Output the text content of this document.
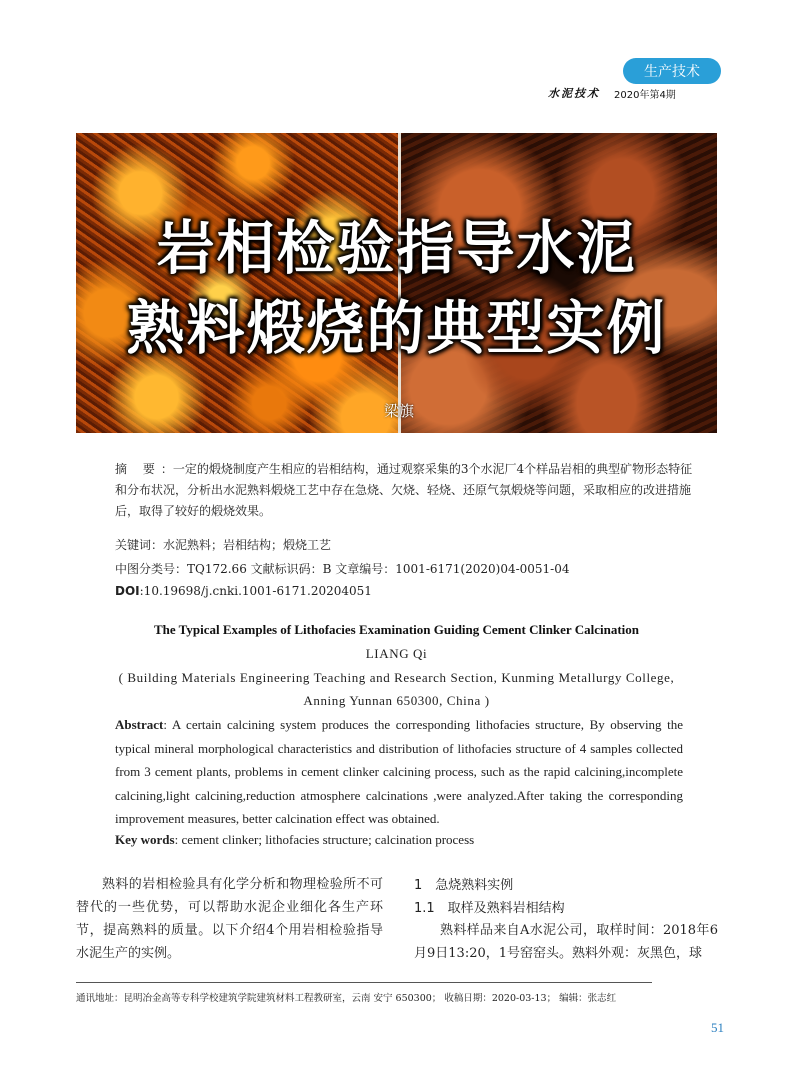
生产技术
水泥技术 2020年第4期
岩相检验指导水泥
熟料煅烧的典型实例
梁旗
摘 要：一定的煅烧制度产生相应的岩相结构，通过观察采集的3个水泥厂4个样品岩相的典型矿物形态特征和分布状况，分析出水泥熟料煅烧工艺中存在急烧、欠烧、轻烧、还原气氛煅烧等问题，采取相应的改进措施后，取得了较好的煅烧效果。
关键词：水泥熟料；岩相结构；煅烧工艺
中图分类号：TQ172.66 文献标识码：B 文章编号：1001-6171(2020)04-0051-04
DOI:10.19698/j.cnki.1001-6171.20204051
The Typical Examples of Lithofacies Examination Guiding Cement Clinker Calcination
LIANG Qi
( Building Materials Engineering Teaching and Research Section, Kunming Metallurgy College,
Anning Yunnan 650300, China )
Abstract: A certain calcining system produces the corresponding lithofacies structure, By observing the typical mineral morphological characteristics and distribution of lithofacies structure of 4 samples collected from 3 cement plants, problems in cement clinker calcining process, such as the rapid calcining,incomplete calcining,light calcining,reduction atmosphere calcinations ,were analyzed.After taking the corresponding improvement measures, better calcination effect was obtained.
Key words: cement clinker; lithofacies structure; calcination process
熟料的岩相检验具有化学分析和物理检验所不可替代的一些优势，可以帮助水泥企业细化各生产环节，提高熟料的质量。以下介绍4个用岩相检验指导水泥生产的实例。
1　急烧熟料实例
1.1　取样及熟料岩相结构
熟料样品来自A水泥公司，取样时间：2018年6月9日13:20，1号窑窑头。熟料外观：灰黑色，球
通讯地址：昆明冶金高等专科学校建筑学院建筑材料工程教研室，云南 安宁 650300； 收稿日期：2020-03-13； 编辑：张志红
51
